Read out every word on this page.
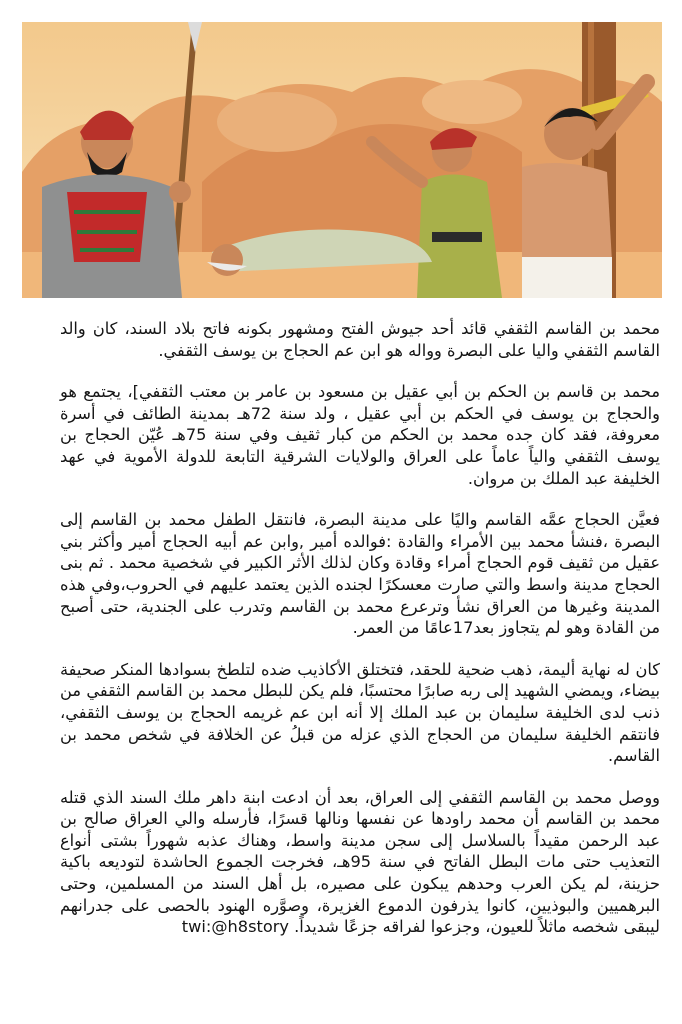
محمد بن القاسم الثقفي قائد أحد جيوش الفتح ومشهور بكونه فاتح بلاد السند، كان والد القاسم الثقفي واليا على البصرة وواله هو ابن عم الحجاج بن يوسف الثقفي.

محمد بن قاسم بن الحكم بن أبي عقيل بن مسعود بن عامر بن معتب الثقفي]، يجتمع هو والحجاج بن يوسف في الحكم بن أبي عقيل ، ولد سنة 72هـ بمدينة الطائف في أسرة معروفة، فقد كان جده محمد بن الحكم من كبار ثقيف وفي سنة 75هـ عُيّن الحجاج بن يوسف الثقفي والياً عاماً على العراق والولايات الشرقية التابعة للدولة الأموية في عهد الخليفة عبد الملك بن مروان.

فعيَّن الحجاج عمَّه القاسم واليًا على مدينة البصرة، فانتقل الطفل محمد بن القاسم إلى البصرة ،فنشأ محمد بين الأمراء والقادة :فوالده أمير ,وابن عم أبيه الحجاج أمير وأكثر بني عقيل من ثقيف قوم الحجاج أمراء وقادة وكان لذلك الأثر الكبير في شخصية محمد . ثم بنى الحجاج مدينة واسط والتي صارت معسكرًا لجنده الذين يعتمد عليهم في الحروب،وفي هذه المدينة وغيرها من العراق نشأ وترعرع محمد بن القاسم وتدرب على الجندية، حتى أصبح من القادة وهو لم يتجاوز بعد17عامًا من العمر.

كان له نهاية أليمة، ذهب ضحية للحقد، فتختلق الأكاذيب ضده لتلطخ بسوادها المنكر صحيفة بيضاء، ويمضي الشهيد إلى ربه صابرًا محتسبًا، فلم يكن للبطل محمد بن القاسم الثقفي من ذنب لدى الخليفة سليمان بن عبد الملك إلا أنه ابن عم غريمه الحجاج بن يوسف الثقفي، فانتقم الخليفة سليمان من الحجاج الذي عزله من قبلُ عن الخلافة في شخص محمد بن القاسم.

ووصل محمد بن القاسم الثقفي إلى العراق، بعد أن ادعت ابنة داهر ملك السند الذي قتله محمد بن القاسم أن محمد راودها عن نفسها ونالها قسرًا، فأرسله والي العراق صالح بن عبد الرحمن مقيداً بالسلاسل إلى سجن مدينة واسط، وهناك عذبه شهوراً بشتى أنواع التعذيب حتى مات البطل الفاتح في سنة 95هـ، فخرجت الجموع الحاشدة لتوديعه باكية حزينة، لم يكن العرب وحدهم يبكون على مصيره، بل أهل السند من المسلمين، وحتى البرهميين والبوذيين، كانوا يذرفون الدموع الغزيرة، وصوَّره الهنود بالحصى على جدرانهم ليبقى شخصه ماثلاً للعيون، وجزعوا لفراقه جزعًا شديداً. twi:@h8story
